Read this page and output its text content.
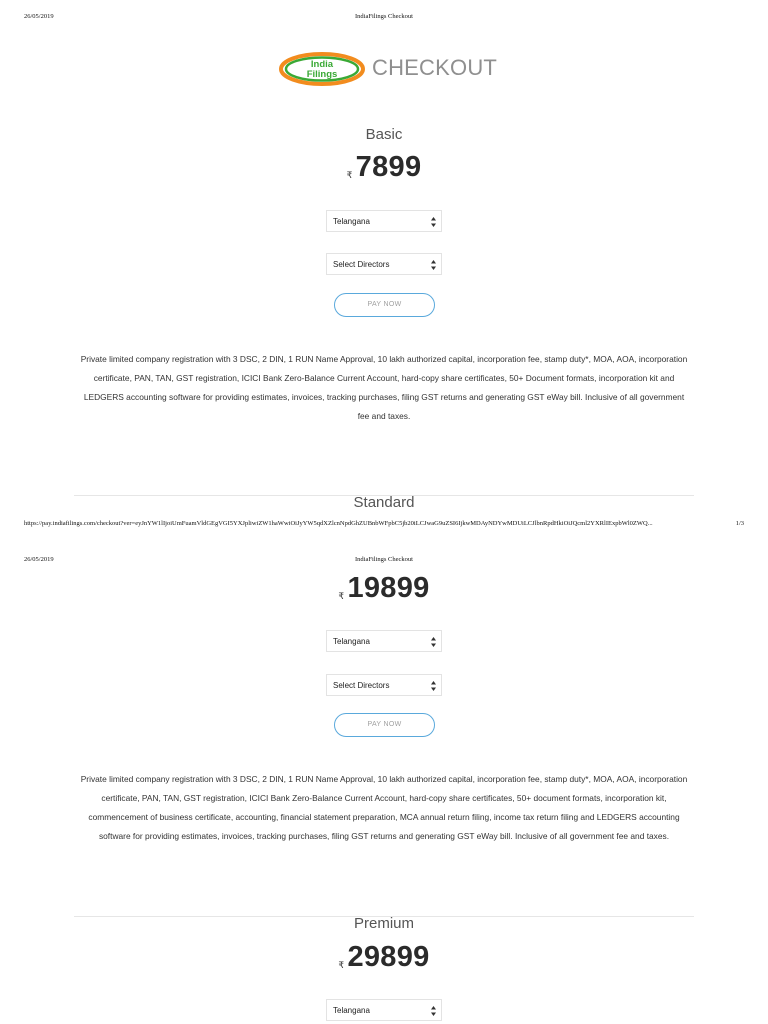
26/05/2019	IndiaFilings Checkout
India
Filings CHECKOUT
Basic
₹ 7899
Telangana
Select Directors
PAY NOW
Private limited company registration with 3 DSC, 2 DIN, 1 RUN Name Approval, 10 lakh authorized capital, incorporation fee, stamp duty*, MOA, AOA, incorporation certificate, PAN, TAN, GST registration, ICICI Bank Zero-Balance Current Account, hard-copy share certificates, 50+ Document formats, incorporation kit and LEDGERS accounting software for providing estimates, invoices, tracking purchases, filing GST returns and generating GST eWay bill. Inclusive of all government fee and taxes.
Standard
https://pay.indiafilings.com/checkout?ver=eyJnYW1lIjoiUmFuamVldGEgVGI5YXJpliwiZW1haWwiOiJyYW5qdXZlcnNpdGhZUBnbWFpbC5jb20iLCJwaG9uZSI6IjkwMDAyNDYwMDUiLCJlbnRpdHkiOiJQcml2YXRlIExpbWl0ZWQ...	1/3
26/05/2019	IndiaFilings Checkout
₹ 19899
Telangana
Select Directors
PAY NOW
Private limited company registration with 3 DSC, 2 DIN, 1 RUN Name Approval, 10 lakh authorized capital, incorporation fee, stamp duty*, MOA, AOA, incorporation certificate, PAN, TAN, GST registration, ICICI Bank Zero-Balance Current Account, hard-copy share certificates, 50+ document formats, incorporation kit, commencement of business certificate, accounting, financial statement preparation, MCA annual return filing, income tax return filing and LEDGERS accounting software for providing estimates, invoices, tracking purchases, filing GST returns and generating GST eWay bill. Inclusive of all government fee and taxes.
Premium
₹ 29899
Telangana
